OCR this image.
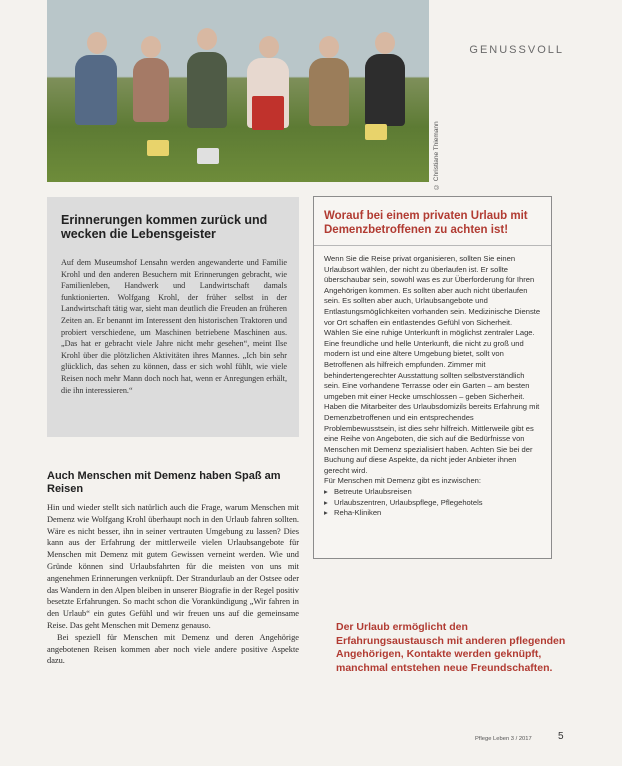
© Christiane Thiemann
GENUSSVOLL
Erinnerungen kommen zurück und wecken die Lebensgeister

Auf dem Museumshof Lensahn werden angewanderte und Familie Krohl und den anderen Besuchern mit Erinnerungen gebracht, wie Familienleben, Handwerk und Landwirtschaft damals funktionierten. Wolfgang Krohl, der früher selbst in der Landwirtschaft tätig war, sieht man deutlich die Freuden an früheren Zeiten an. Er benannt im Interessent den historischen Traktoren und probiert verschiedene, um Maschinen betriebene Maschinen aus. „Das hat er gebracht viele Jahre nicht mehr gesehen“, meint Ilse Krohl über die plötzlichen Aktivitäten ihres Mannes. „Ich bin sehr glücklich, das sehen zu können, dass er sich wohl fühlt, wie viele Reisen noch mehr Mann doch noch hat, wenn er Anregungen erhält, die ihn interessieren.“

Auch Menschen mit Demenz haben Spaß am Reisen

Hin und wieder stellt sich natürlich auch die Frage, warum Menschen mit Demenz wie Wolfgang Krohl überhaupt noch in den Urlaub fahren sollten. Wäre es nicht besser, ihn in seiner vertrauten Umgebung zu lassen? Dies kann aus der Erfahrung der mittlerweile vielen Urlaubsangebote für Menschen mit Demenz mit gutem Gewissen verneint werden. Wie und Gründe können sind Urlaubsfahrten für die meisten von uns mit angenehmen Erinnerungen verknüpft. Der Strandurlaub an der Ostsee oder das Wandern in den Alpen bleiben in unserer Biografie in der Regel positiv besetzte Erfahrungen. So macht schon die Vorankündigung „Wir fahren in den Urlaub“ ein gutes Gefühl und wir freuen uns auf die gemeinsame Reise. Das geht Menschen mit Demenz genauso.

Bei speziell für Menschen mit Demenz und deren Angehörige angebotenen Reisen kommen aber noch viele andere positive Aspekte dazu.

Worauf bei einem privaten Urlaub mit Demenzbetroffenen zu achten ist!

Wenn Sie die Reise privat organisieren, sollten Sie einen Urlaubsort wählen, der nicht zu überlaufen ist. Er sollte überschaubar sein, sowohl was es zur Überforderung für Ihren Angehörigen kommen. Es sollten aber auch nicht überlaufen sein. Es sollten aber auch, Urlaubsangebote und Entlastungsmöglichkeiten vorhanden sein. Medizinische Dienste vor Ort schaffen ein entlastendes Gefühl von Sicherheit.

Wählen Sie eine ruhige Unterkunft in möglichst zentraler Lage. Eine freundliche und helle Unterkunft, die nicht zu groß und modern ist und eine ältere Umgebung bietet, sollt von Betroffenen als hilfreich empfunden. Zimmer mit behindertengerechter Ausstattung sollten selbstverständlich sein. Eine vorhandene Terrasse oder ein Garten – am besten umgeben mit einer Hecke umschlossen – geben Sicherheit.

Haben die Mitarbeiter des Urlaubsdomizils bereits Erfahrung mit Demenzbetroffenen und ein entsprechendes Problembewusstsein, ist dies sehr hilfreich. Mittlerweile gibt es eine Reihe von Angeboten, die sich auf die Bedürfnisse von Menschen mit Demenz spezialisiert haben. Achten Sie bei der Buchung auf diese Aspekte, da nicht jeder Anbieter ihnen gerecht wird.

Für Menschen mit Demenz gibt es inzwischen:

▸ Betreute Urlaubsreisen
▸ Urlaubszentren, Urlaubspflege, Pflegehotels
▸ Reha-Kliniken
Der Urlaub ermöglicht den Erfahrungsaustausch mit anderen pflegenden Angehörigen, Kontakte werden geknüpft, manchmal entstehen neue Freundschaften.
Pflege Leben 3 / 2017	5
